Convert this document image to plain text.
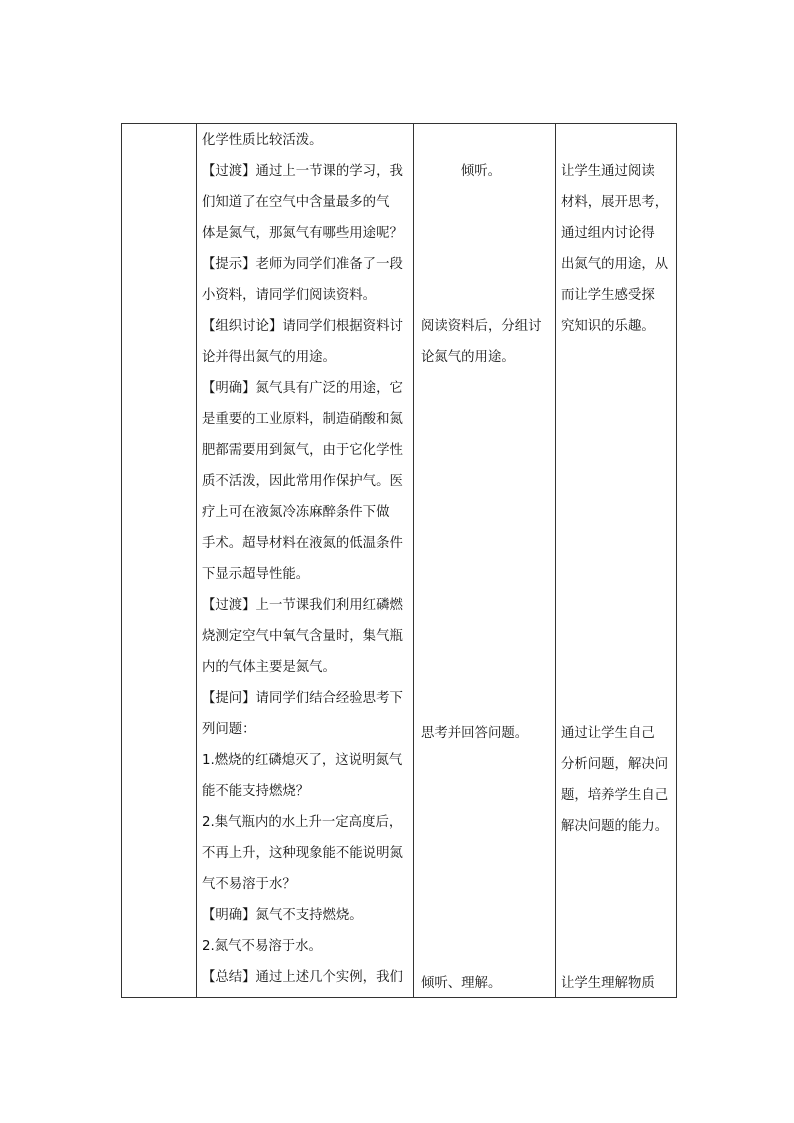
化学性质比较活泼。

【过渡】通过上一节课的学习，我

们知道了在空气中含量最多的气

体是氮气，那氮气有哪些用途呢？

【提示】老师为同学们准备了一段

小资料，请同学们阅读资料。

【组织讨论】请同学们根据资料讨

论并得出氮气的用途。

【明确】氮气具有广泛的用途，它

是重要的工业原料，制造硝酸和氮

肥都需要用到氮气，由于它化学性

质不活泼，因此常用作保护气。医

疗上可在液氮冷冻麻醉条件下做

手术。超导材料在液氮的低温条件

下显示超导性能。

【过渡】上一节课我们利用红磷燃

烧测定空气中氧气含量时，集气瓶

内的气体主要是氮气。

【提问】请同学们结合经验思考下

列问题：

1.燃烧的红磷熄灭了，这说明氮气

能不能支持燃烧？

2.集气瓶内的水上升一定高度后，

不再上升，这种现象能不能说明氮

气不易溶于水？

【明确】氮气不支持燃烧。

2.氮气不易溶于水。

【总结】通过上述几个实例，我们

倾听。

阅读资料后，分组讨

论氮气的用途。

思考并回答问题。

倾听、理解。

让学生通过阅读

材料，展开思考，

通过组内讨论得

出氮气的用途，从

而让学生感受探

究知识的乐趣。

通过让学生自己

分析问题，解决问

题，培养学生自己

解决问题的能力。

让学生理解物质
